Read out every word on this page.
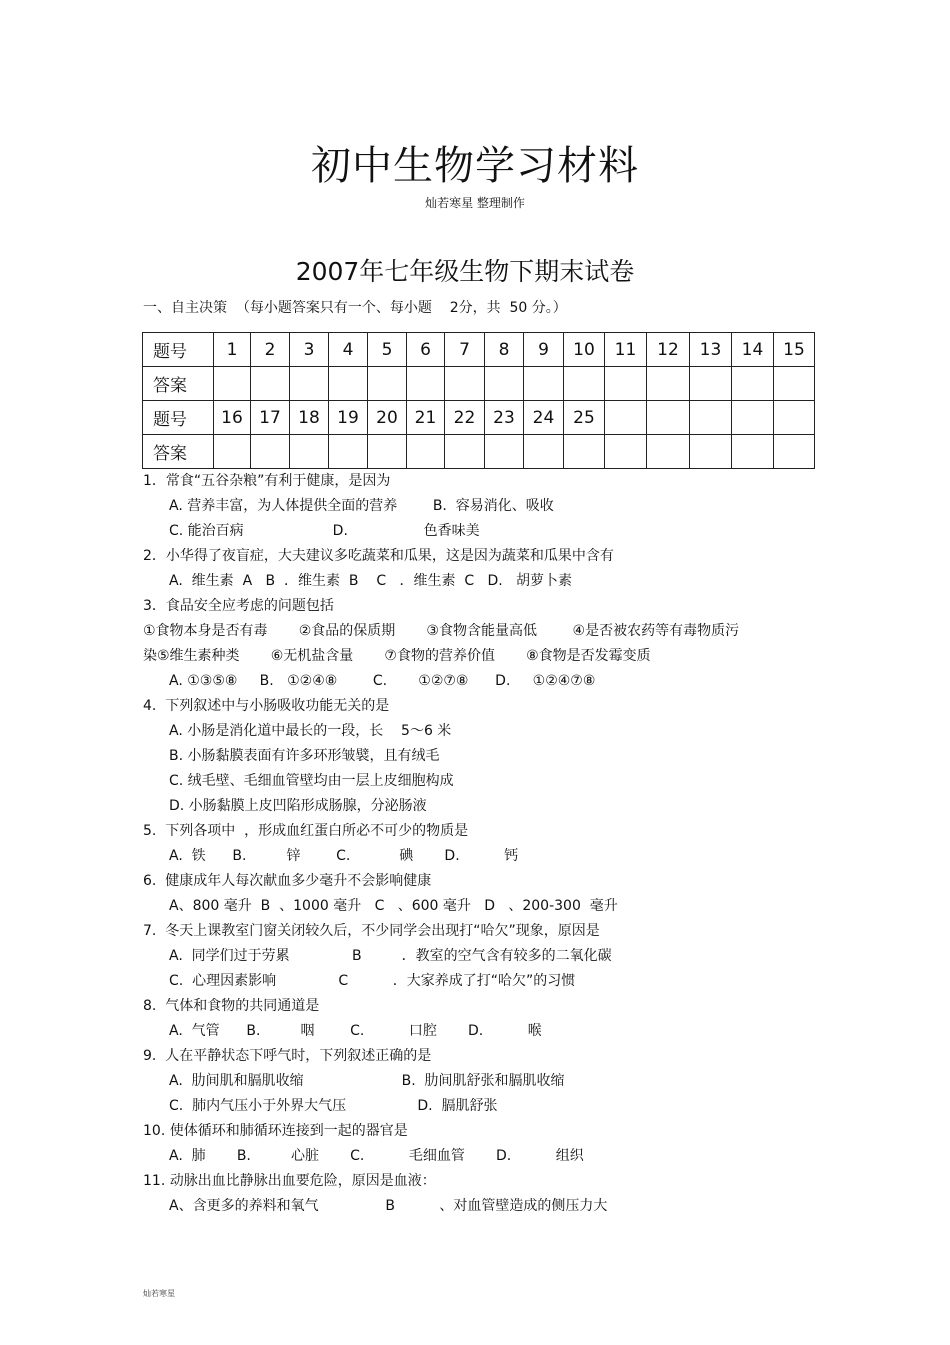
初中生物学习材料
灿若寒星 整理制作
2007年七年级生物下期末试卷
一、自主决策  （每小题答案只有一个、每小题    2分，共  50 分。）
题号	1	2	3	4	5	6	7	8	9	10	11	12	13	14	15
答案															
题号	16	17	18	19	20	21	22	23	24	25					
答案															
1．常食“五谷杂粮”有利于健康，是因为
A. 营养丰富，为人体提供全面的营养        B.  容易消化、吸收
C. 能治百病                    D.                 色香味美
2．小华得了夜盲症，大夫建议多吃蔬菜和瓜果，这是因为蔬菜和瓜果中含有
A.  维生素  A   B  ．维生素  B    C   ．维生素  C   D.   胡萝卜素
3．食品安全应考虑的问题包括
①食物本身是否有毒       ②食品的保质期       ③食物含能量高低        ④是否被农药等有毒物质污
染⑤维生素种类       ⑥无机盐含量       ⑦食物的营养价值       ⑧食物是否发霉变质
A. ①③⑤⑧     B.   ①②④⑧        C.       ①②⑦⑧      D.     ①②④⑦⑧
4.  下列叙述中与小肠吸收功能无关的是
A. 小肠是消化道中最长的一段，长    5～6 米
B. 小肠黏膜表面有许多环形皱襞，且有绒毛
C. 绒毛壁、毛细血管壁均由一层上皮细胞构成
D. 小肠黏膜上皮凹陷形成肠腺，分泌肠液
5.  下列各项中  ，形成血红蛋白所必不可少的物质是
A.  铁      B.         锌        C.           碘       D.          钙
6.  健康成年人每次献血多少毫升不会影响健康
A、800 毫升  B  、1000 毫升   C   、600 毫升   D   、200-300  毫升
7.  冬天上课教室门窗关闭较久后，不少同学会出现打“哈欠”现象，原因是
A.  同学们过于劳累              B         ．教室的空气含有较多的二氧化碳
C.  心理因素影响              C          ．大家养成了打“哈欠”的习惯
8.  气体和食物的共同通道是
A.  气管      B.         咽        C.          口腔       D.          喉
9.  人在平静状态下呼气时，下列叙述正确的是
A.  肋间肌和膈肌收缩                      B.  肋间肌舒张和膈肌收缩
C.  肺内气压小于外界大气压                D.  膈肌舒张
10. 使体循环和肺循环连接到一起的器官是
A.  肺       B.         心脏       C.          毛细血管       D.          组织
11. 动脉出血比静脉出血要危险，原因是血液：
A、含更多的养料和氧气               B          、对血管壁造成的侧压力大
灿若寒星
